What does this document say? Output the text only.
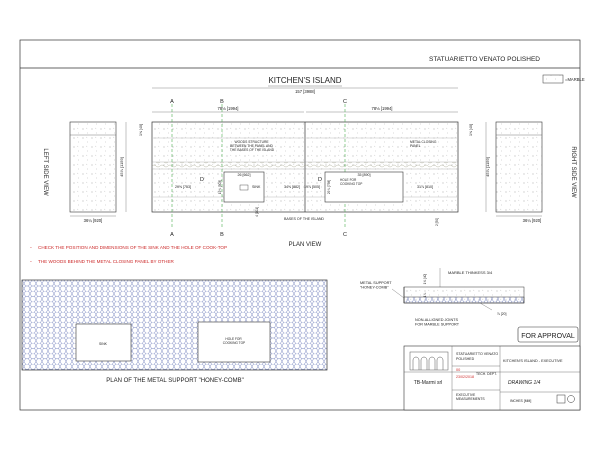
STATUARIETTO VENATO POLISHED
KITCHEN'S ISLAND	=MARBLE
LEFT SIDE VIEW
36¼ [920]
45⅞ [1159]
1⅝ [40]
RIGHT SIDE VIEW
36¼ [920]
45⅞ [1159]
1⅝ [40]
157 [3988]
78⅛ [1994]	78⅛ [1994]
A	B	C
A	B	C
D	D
WOODS STRUCTURE BETWEEN THE PANEL AND THE BASES OF THE ISLAND
METAL CLOSING PANEL
SINK
26 [662]
29⅝ [753]	34⅝ [882]
19¾ [503]
4 [101]
35 [890]
HOLE FOR COOKING TOP
19⅞ [505]	31⅞ [810]
29⅞ [758]
BASES OF THE ISLAND	2 [50]
PLAN VIEW
- CHECK THE POSITION AND DIMENSIONS OF THE SINK AND THE HOLE OF COOK-TOP
- THE WOODS BEHIND THE METAL CLOSING PANEL BY OTHER
SINK
HOLE FOR COOKING TOP
PLAN OF THE METAL SUPPORT "HONEY-COMB"
MARBLE THINKESS 3/4
1⅝ [40]
1⅞
⅞ [20]
METAL SUPPORT "HONEY-COMB"
NON-ALLIGNED JOINTS FOR MARBLE SUPPORT
FOR APPROVAL
TB-Marmi srl
STATUARIETTO VENATO
POLISHED
00
23/02/2018
TECH. DEPT.
EXECUTIVE MEASUREMENTS
KITCHEN'S ISLAND - EXECUTIVE
DRAWING 1/4
INCHES [MM]
